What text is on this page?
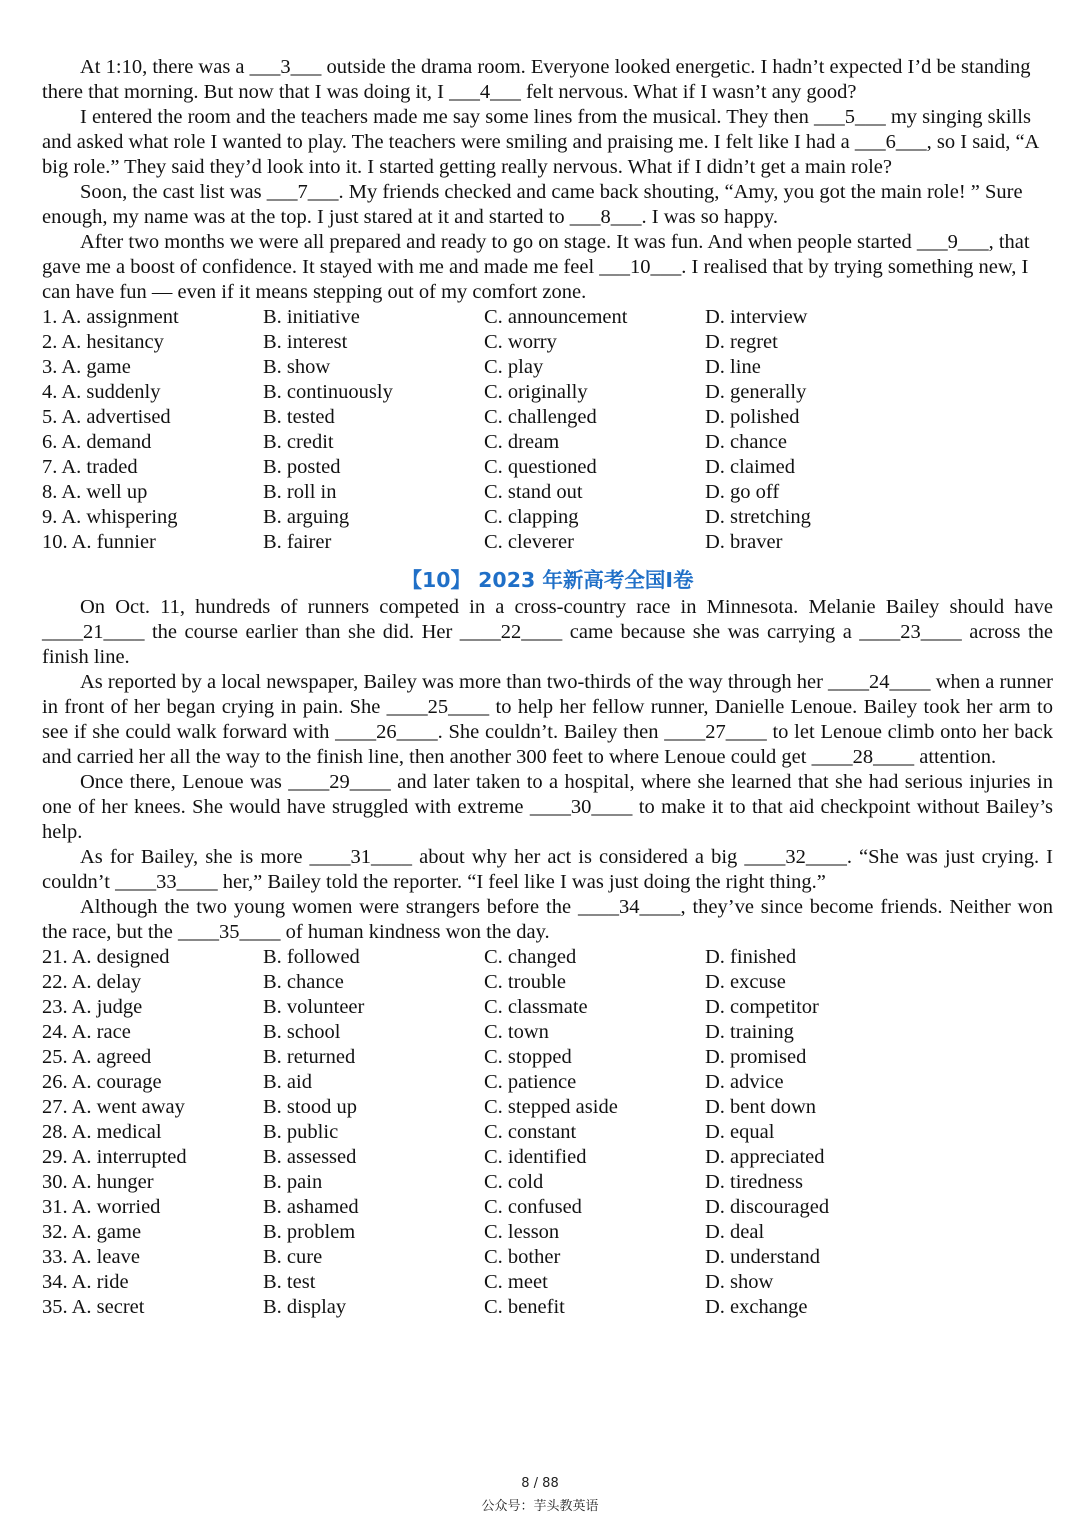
At 1:10, there was a ___3___ outside the drama room. Everyone looked energetic. I hadn’t expected I’d be standing there that morning. But now that I was doing it, I ___4___ felt nervous. What if I wasn’t any good?

I entered the room and the teachers made me say some lines from the musical. They then ___5___ my singing skills and asked what role I wanted to play. The teachers were smiling and praising me. I felt like I had a ___6___, so I said, “A big role.” They said they’d look into it. I started getting really nervous. What if I didn’t get a main role?

Soon, the cast list was ___7___. My friends checked and came back shouting, “Amy, you got the main role! ” Sure enough, my name was at the top. I just stared at it and started to ___8___. I was so happy.

After two months we were all prepared and ready to go on stage. It was fun. And when people started ___9___, that gave me a boost of confidence. It stayed with me and made me feel ___10___. I realised that by trying something new, I can have fun — even if it means stepping out of my comfort zone.

1. A. assignment	B. initiative	C. announcement	D. interview
2. A. hesitancy	B. interest	C. worry	D. regret
3. A. game	B. show	C. play	D. line
4. A. suddenly	B. continuously	C. originally	D. generally
5. A. advertised	B. tested	C. challenged	D. polished
6. A. demand	B. credit	C. dream	D. chance
7. A. traded	B. posted	C. questioned	D. claimed
8. A. well up	B. roll in	C. stand out	D. go off
9. A. whispering	B. arguing	C. clapping	D. stretching
10. A. funnier	B. fairer	C. cleverer	D. braver
【10】 2023 年新高考全国I卷

On Oct. 11, hundreds of runners competed in a cross-country race in Minnesota. Melanie Bailey should have ____21____ the course earlier than she did. Her ____22____ came because she was carrying a ____23____ across the finish line.

As reported by a local newspaper, Bailey was more than two-thirds of the way through her ____24____ when a runner in front of her began crying in pain. She ____25____ to help her fellow runner, Danielle Lenoue. Bailey took her arm to see if she could walk forward with ____26____. She couldn’t. Bailey then ____27____ to let Lenoue climb onto her back and carried her all the way to the finish line, then another 300 feet to where Lenoue could get ____28____ attention.

Once there, Lenoue was ____29____ and later taken to a hospital, where she learned that she had serious injuries in one of her knees. She would have struggled with extreme ____30____ to make it to that aid checkpoint without Bailey’s help.

As for Bailey, she is more ____31____ about why her act is considered a big ____32____. “She was just crying. I couldn’t ____33____ her,” Bailey told the reporter. “I feel like I was just doing the right thing.”

Although the two young women were strangers before the ____34____, they’ve since become friends. Neither won the race, but the ____35____ of human kindness won the day.

21. A. designed	B. followed	C. changed	D. finished
22. A. delay	B. chance	C. trouble	D. excuse
23. A. judge	B. volunteer	C. classmate	D. competitor
24. A. race	B. school	C. town	D. training
25. A. agreed	B. returned	C. stopped	D. promised
26. A. courage	B. aid	C. patience	D. advice
27. A. went away	B. stood up	C. stepped aside	D. bent down
28. A. medical	B. public	C. constant	D. equal
29. A. interrupted	B. assessed	C. identified	D. appreciated
30. A. hunger	B. pain	C. cold	D. tiredness
31. A. worried	B. ashamed	C. confused	D. discouraged
32. A. game	B. problem	C. lesson	D. deal
33. A. leave	B. cure	C. bother	D. understand
34. A. ride	B. test	C. meet	D. show
35. A. secret	B. display	C. benefit	D. exchange
8 / 88
公众号：芋头教英语
